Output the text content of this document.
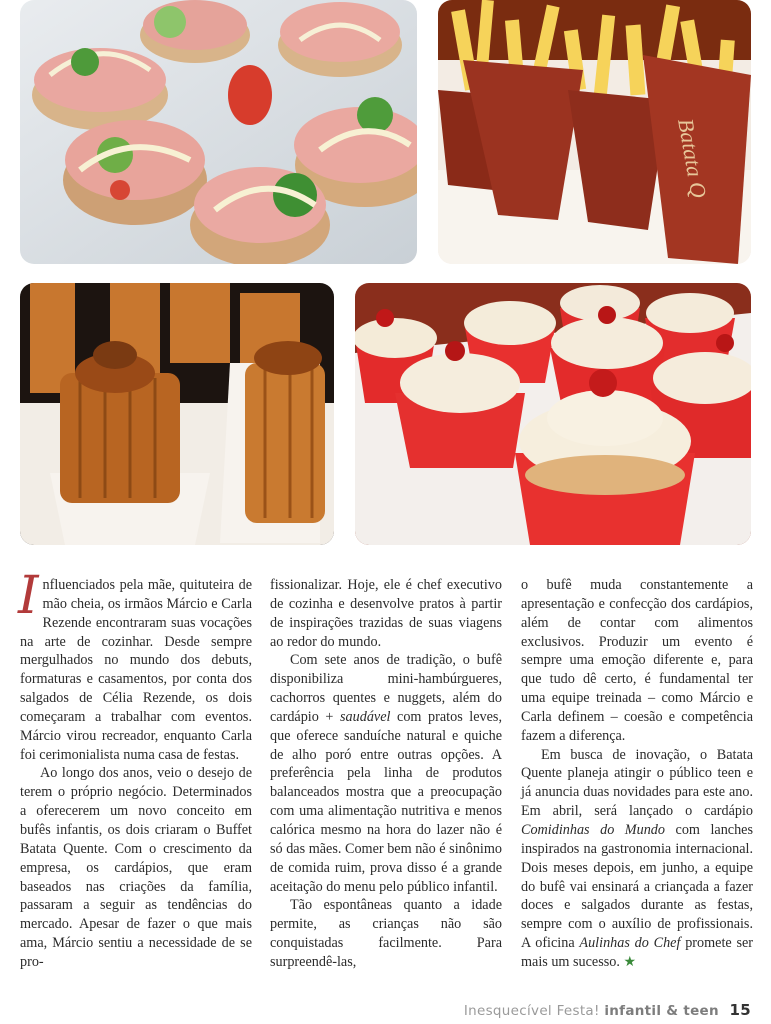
Batata Q

Influenciados pela mãe, quituteira de mão cheia, os irmãos Márcio e Carla Rezende encontraram suas vocações na arte de cozinhar. Desde sempre mergulhados no mundo dos debuts, formaturas e casamentos, por conta dos salgados de Célia Rezende, os dois começaram a trabalhar com eventos. Márcio virou recreador, enquanto Carla foi cerimonialista numa casa de festas.

Ao longo dos anos, veio o desejo de terem o próprio negócio. Determinados a oferecerem um novo conceito em bufês infantis, os dois criaram o Buffet Batata Quente. Com o crescimento da empresa, os cardápios, que eram baseados nas criações da família, passaram a seguir as tendências do mercado. Apesar de fazer o que mais ama, Márcio sentiu a necessidade de se pro-

fissionalizar. Hoje, ele é chef executivo de cozinha e desenvolve pratos à partir de inspirações trazidas de suas viagens ao redor do mundo.

Com sete anos de tradição, o bufê disponibiliza mini-hambúrgueres, cachorros quentes e nuggets, além do cardápio + saudável com pratos leves, que oferece sanduíche natural e quiche de alho poró entre outras opções. A preferência pela linha de produtos balanceados mostra que a preocupação com uma alimentação nutritiva e menos calórica mesmo na hora do lazer não é só das mães. Comer bem não é sinônimo de comida ruim, prova disso é a grande aceitação do menu pelo público infantil.

Tão espontâneas quanto a idade permite, as crianças não são conquistadas facilmente. Para surpreendê-las,

o bufê muda constantemente a apresentação e confecção dos cardápios, além de contar com alimentos exclusivos. Produzir um evento é sempre uma emoção diferente e, para que tudo dê certo, é fundamental ter uma equipe treinada – como Márcio e Carla definem – coesão e competência fazem a diferença.

Em busca de inovação, o Batata Quente planeja atingir o público teen e já anuncia duas novidades para este ano. Em abril, será lançado o cardápio Comidinhas do Mundo com lanches inspirados na gastronomia internacional. Dois meses depois, em junho, a equipe do bufê vai ensinará a criançada a fazer doces e salgados durante as festas, sempre com o auxílio de profissionais. A oficina Aulinhas do Chef promete ser mais um sucesso. ★

Inesquecível Festa! infantil & teen 15
